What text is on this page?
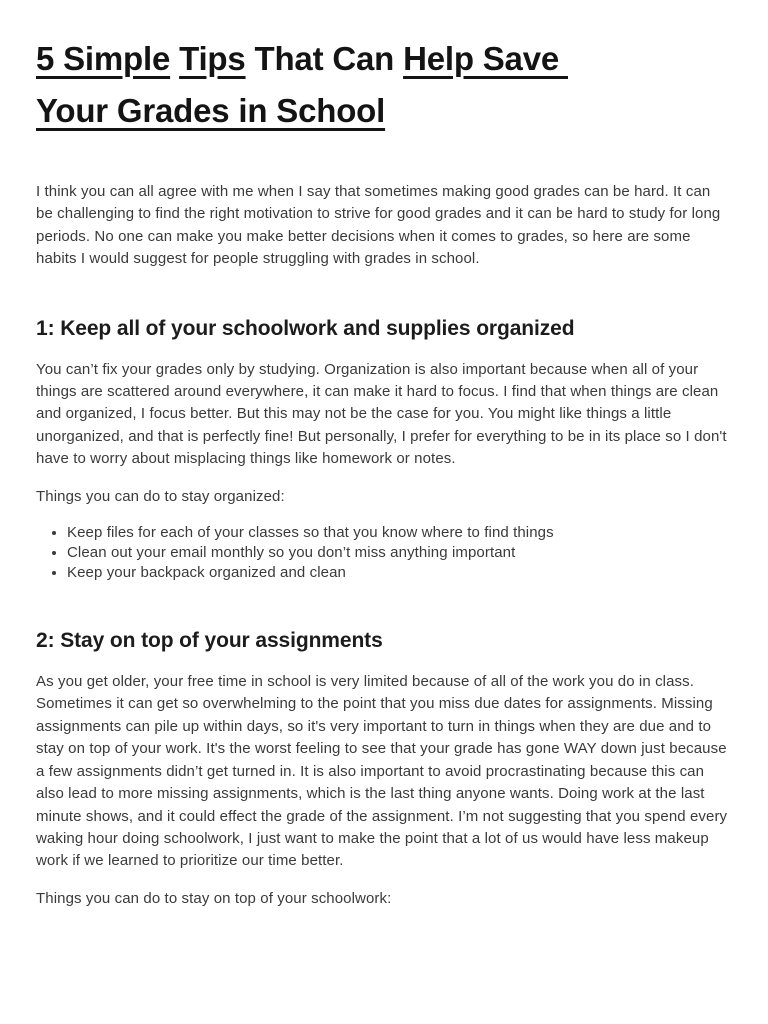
5 Simple Tips That Can Help Save
Your Grades in School

I think you can all agree with me when I say that sometimes making good grades can be hard. It can be challenging to find the right motivation to strive for good grades and it can be hard to study for long periods. No one can make you make better decisions when it comes to grades, so here are some habits I would suggest for people struggling with grades in school.

1: Keep all of your schoolwork and supplies organized

You can’t fix your grades only by studying. Organization is also important because when all of your things are scattered around everywhere, it can make it hard to focus. I find that when things are clean and organized, I focus better. But this may not be the case for you. You might like things a little unorganized, and that is perfectly fine! But personally, I prefer for everything to be in its place so I don't have to worry about misplacing things like homework or notes.

Things you can do to stay organized:

• Keep files for each of your classes so that you know where to find things
• Clean out your email monthly so you don’t miss anything important
• Keep your backpack organized and clean
2: Stay on top of your assignments

As you get older, your free time in school is very limited because of all of the work you do in class. Sometimes it can get so overwhelming to the point that you miss due dates for assignments. Missing assignments can pile up within days, so it's very important to turn in things when they are due and to stay on top of your work. It's the worst feeling to see that your grade has gone WAY down just because a few assignments didn’t get turned in. It is also important to avoid procrastinating because this can also lead to more missing assignments, which is the last thing anyone wants. Doing work at the last minute shows, and it could effect the grade of the assignment. I’m not suggesting that you spend every waking hour doing schoolwork, I just want to make the point that a lot of us would have less makeup work if we learned to prioritize our time better.

Things you can do to stay on top of your schoolwork:
